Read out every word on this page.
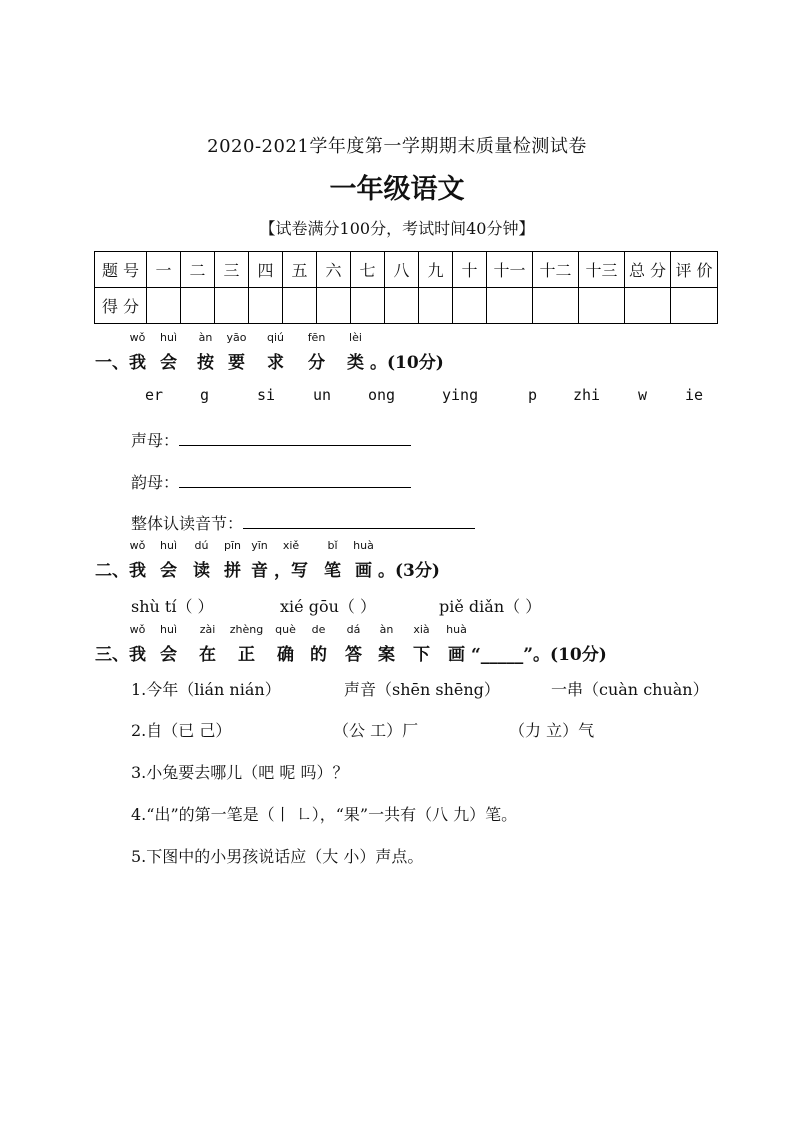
2020-2021学年度第一学期期末质量检测试卷
一年级语文
【试卷满分100分，考试时间40分钟】
题 号	一	二	三	四	五	六	七	八	九	十	十一	十二	十三	总 分	评 价
得 分															
一、
wǒ
我
huì
会
àn
按
yāo
要
qiú
求
fēn
分
lèi
类 。(10分)
er g	si	un ong	ying	p zhi	w	ie
声母：
韵母：
整体认读音节：
二、
wǒ
我
huì
会
dú
读
pīn
拼
yīn
音
xiě
，写
bǐ
笔
huà
画 。(3分)
shù tí（ ）	xié gōu（ ）	piě diǎn（ ）
三、
wǒ
我
huì
会
zài
在
zhèng
正
què
确
de
的
dá
答
àn
案
xià
下
huà
画 “_____”。(10分)
1.今年（lián nián）	声音（shēn shēng）	一串（cuàn chuàn）
2.自（已 己）	（公 工）厂	（力 立）气
3.小兔要去哪儿（吧 呢 吗）？
4.“出”的第一笔是（丨 ㇗），“果”一共有（八 九）笔。
5.下图中的小男孩说话应（大 小）声点。
